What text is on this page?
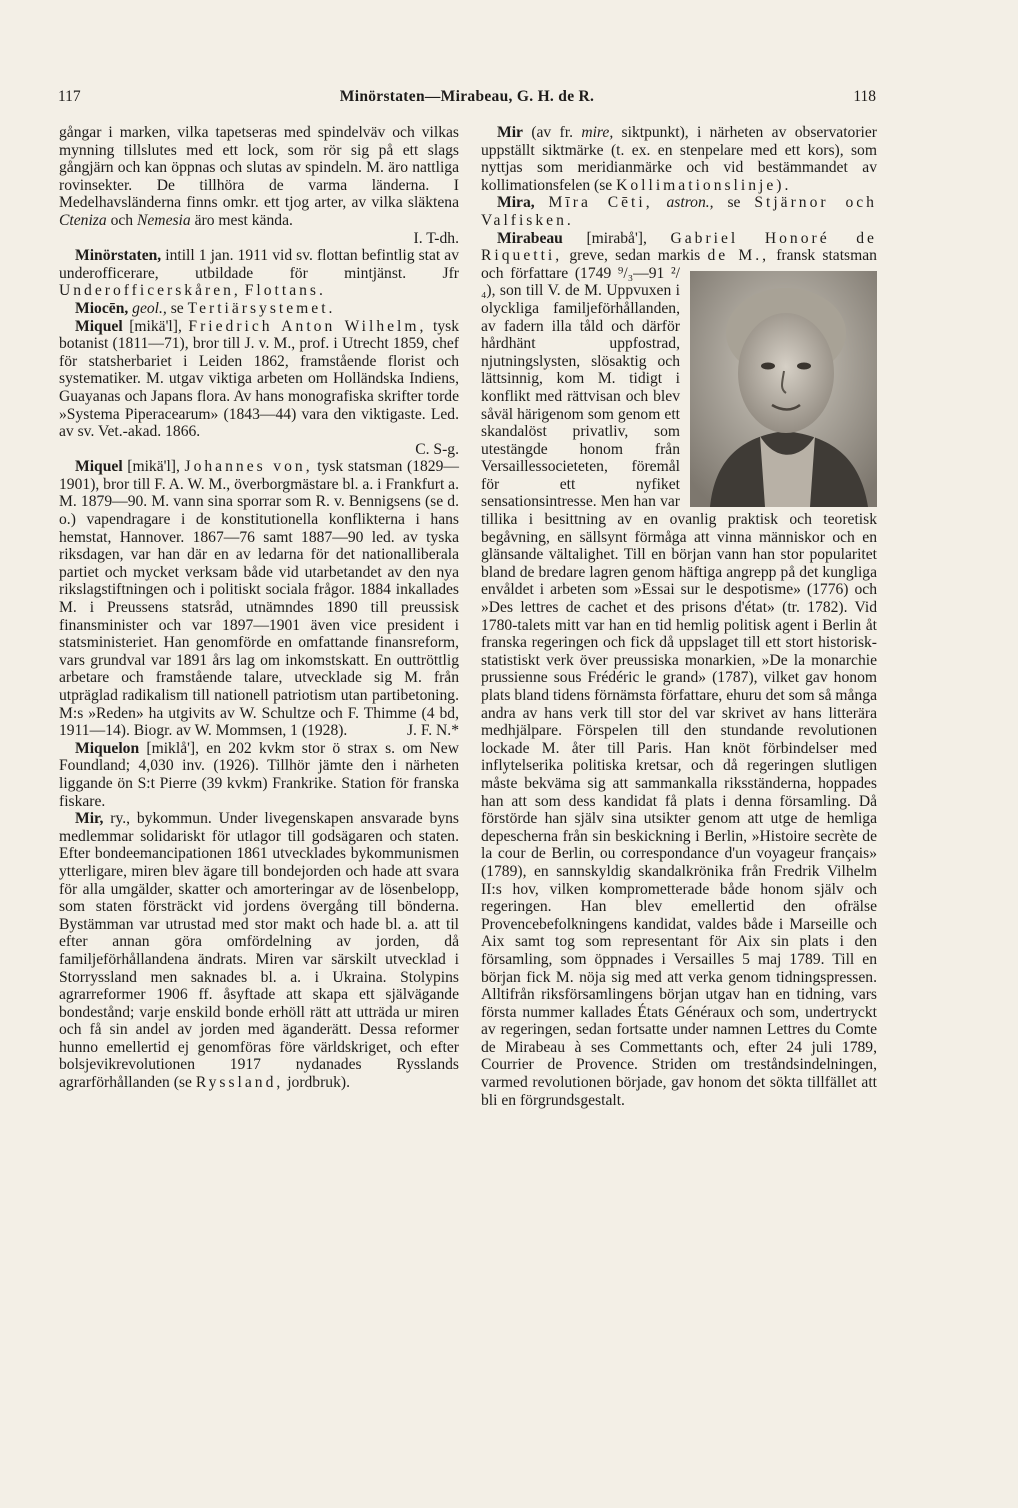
117	Minörstaten—Mirabeau, G. H. de R.	118

gångar i marken, vilka tapetseras med spindelväv och vilkas mynning tillslutes med ett lock, som rör sig på ett slags gångjärn och kan öppnas och slutas av spindeln. M. äro nattliga rovinsekter. De tillhöra de varma länderna. I Medelhavsländerna finns omkr. ett tjog arter, av vilka släktena Cteniza och Nemesia äro mest kända.

I. T-dh.

Minörstaten, intill 1 jan. 1911 vid sv. flottan befintlig stat av underofficerare, utbildade för mintjänst. Jfr Underofficerskåren, Flottans.

Miocēn, geol., se Tertiärsystemet.

Miquel [mikä'l], Friedrich Anton Wilhelm, tysk botanist (1811—71), bror till J. v. M., prof. i Utrecht 1859, chef för statsherbariet i Leiden 1862, framstående florist och systematiker. M. utgav viktiga arbeten om Holländska Indiens, Guayanas och Japans flora. Av hans monografiska skrifter torde »Systema Piperacearum» (1843—44) vara den viktigaste. Led. av sv. Vet.-akad. 1866.

C. S-g.

Miquel [mikä'l], Johannes von, tysk statsman (1829—1901), bror till F. A. W. M., överborgmästare bl. a. i Frankfurt a. M. 1879—90. M. vann sina sporrar som R. v. Bennigsens (se d. o.) vapendragare i de konstitutionella konflikterna i hans hemstat, Hannover. 1867—76 samt 1887—90 led. av tyska riksdagen, var han där en av ledarna för det nationalliberala partiet och mycket verksam både vid utarbetandet av den nya rikslagstiftningen och i politiskt sociala frågor. 1884 inkallades M. i Preussens statsråd, utnämndes 1890 till preussisk finansminister och var 1897—1901 även vice president i statsministeriet. Han genomförde en omfattande finansreform, vars grundval var 1891 års lag om inkomstskatt. En outtröttlig arbetare och framstående talare, utvecklade sig M. från utpräglad radikalism till nationell patriotism utan partibetoning. M:s »Reden» ha utgivits av W. Schultze och F. Thimme (4 bd, 1911—14). Biogr. av W. Mommsen, 1 (1928).	J. F. N.*

Miquelon [miklå'], en 202 kvkm stor ö strax s. om New Foundland; 4,030 inv. (1926). Tillhör jämte den i närheten liggande ön S:t Pierre (39 kvkm) Frankrike. Station för franska fiskare.

Mir, ry., bykommun. Under livegenskapen ansvarade byns medlemmar solidariskt för utlagor till godsägaren och staten. Efter bondeemancipationen 1861 utvecklades bykommunismen ytterligare, miren blev ägare till bondejorden och hade att svara för alla umgälder, skatter och amorteringar av de lösenbelopp, som staten försträckt vid jordens övergång till bönderna. Bystämman var utrustad med stor makt och hade bl. a. att til efter annan göra omfördelning av jorden, då familjeförhållandena ändrats. Miren var särskilt utvecklad i Storryssland men saknades bl. a. i Ukraina. Stolypins agrarreformer 1906 ff. åsyftade att skapa ett självägande bondestånd; varje enskild bonde erhöll rätt att utträda ur miren och få sin andel av jorden med äganderätt. Dessa reformer hunno emellertid ej genomföras före världskriget, och efter bolsjevikrevolutionen 1917 nydanades Rysslands agrarförhållanden (se Ryssland, jordbruk).

Mir (av fr. mire, siktpunkt), i närheten av observatorier uppställt siktmärke (t. ex. en stenpelare med ett kors), som nyttjas som meridianmärke och vid bestämmandet av kollimationsfelen (se Kollimationslinje).

Mira, Mīra Cēti, astron., se Stjärnor och Valfisken.

Mirabeau [mirabå'], Gabriel Honoré de Riquetti, greve, sedan markis de M., fransk statsman och författare (1749 ⁹/₃—91 ²/₄), son till V. de M. Uppvuxen i olyckliga familjeförhållanden, av fadern illa tåld och därför hårdhänt uppfostrad, njutningslysten, slösaktig och lättsinnig, kom M. tidigt i konflikt med rättvisan och blev såväl härigenom som genom ett skandalöst privatliv, som utestängde honom från Versaillessocieteten, föremål för ett nyfiket sensationsintresse. Men han var tillika i besittning av en ovanlig praktisk och teoretisk begåvning, en sällsynt förmåga att vinna människor och en glänsande vältalighet. Till en början vann han stor popularitet bland de bredare lagren genom häftiga angrepp på det kungliga envåldet i arbeten som »Essai sur le despotisme» (1776) och »Des lettres de cachet et des prisons d'état» (tr. 1782). Vid 1780-talets mitt var han en tid hemlig politisk agent i Berlin åt franska regeringen och fick då uppslaget till ett stort historisk-statistiskt verk över preussiska monarkien, »De la monarchie prussienne sous Frédéric le grand» (1787), vilket gav honom plats bland tidens förnämsta författare, ehuru det som så många andra av hans verk till stor del var skrivet av hans litterära medhjälpare. Förspelen till den stundande revolutionen lockade M. åter till Paris. Han knöt förbindelser med inflytelserika politiska kretsar, och då regeringen slutligen måste bekväma sig att sammankalla riksständerna, hoppades han att som dess kandidat få plats i denna församling. Då förstörde han själv sina utsikter genom att utge de hemliga depescherna från sin beskickning i Berlin, »Histoire secrète de la cour de Berlin, ou correspondance d'un voyageur français» (1789), en sannskyldig skandalkrönika från Fredrik Vilhelm II:s hov, vilken komprometterade både honom själv och regeringen. Han blev emellertid den ofrälse Provencebefolkningens kandidat, valdes både i Marseille och Aix samt tog som representant för Aix sin plats i den församling, som öppnades i Versailles 5 maj 1789. Till en början fick M. nöja sig med att verka genom tidningspressen. Alltifrån riksförsamlingens början utgav han en tidning, vars första nummer kallades États Généraux och som, undertryckt av regeringen, sedan fortsatte under namnen Lettres du Comte de Mirabeau à ses Commettants och, efter 24 juli 1789, Courrier de Provence. Striden om treståndsindelningen, varmed revolutionen började, gav honom det sökta tillfället att bli en förgrundsgestalt.
